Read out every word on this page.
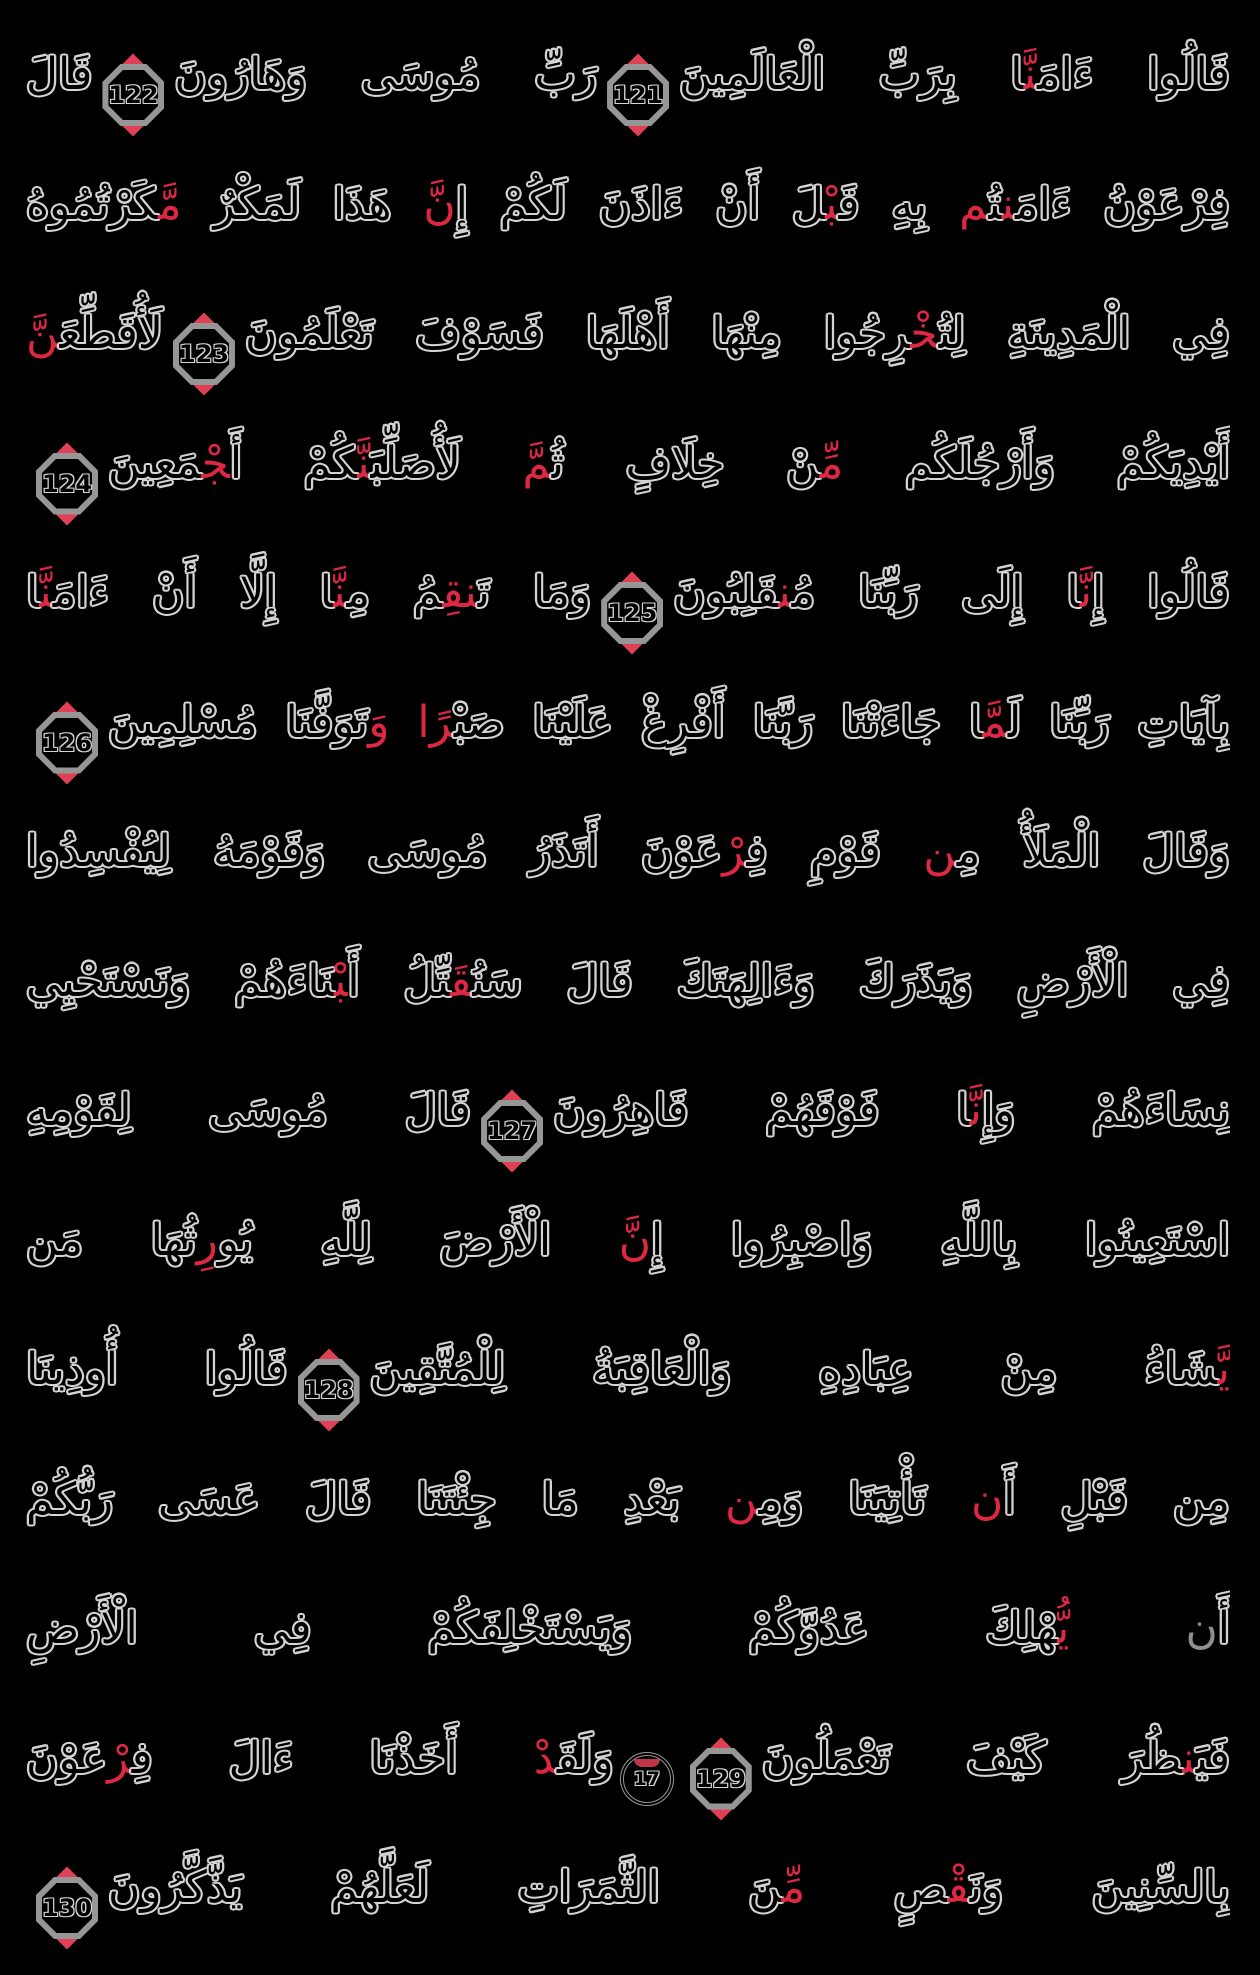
قَالُوا ءَامَ‍‍نَّ‍‍ا بِرَبِّ الْعَالَمِينَ
121
رَبِّ مُوسَى وَهَارُونَ
122
قَالَ
فِرْعَوْنُ ءَامَ‍‍ن‍‍تُ‍‍م بِهِ قَ‍‍بْ‍‍لَ أَنْ ءَاذَنَ لَكُمْ إِنَّ هَذَا لَمَكْرٌ مَّ‍‍كَرْتُمُوهُ
فِي الْمَدِينَةِ لِتُ‍‍خْ‍‍رِجُوا مِنْهَا أَهْلَهَا فَسَوْفَ تَعْلَمُونَ
123
لَأُقَطِّعَ‍‍نَّ
أَيْدِيَكُمْ وَأَرْجُلَكُم مِّ‍‍نْ خِلَافٍ ثُ‍‍مَّ لَأُصَلِّبَ‍‍نَّ‍‍كُمْ أَ‍‍جْ‍‍مَعِينَ
124
قَالُوا إِنَّ‍‍ا إِلَى رَبِّنَا مُ‍‍ن‍‍قَلِبُونَ
125
وَمَا تَ‍‍نقِ‍‍مُ مِ‍‍نَّ‍‍ا إِلَّا أَنْ ءَامَ‍‍نَّ‍‍ا
بِآيَاتِ رَبِّنَا لَ‍‍مَّ‍‍ا جَاءَتْنَا رَبَّنَا أَفْرِغْ عَلَيْنَا صَبْ‍‍رًا وَتَوَفَّنَا مُسْلِمِينَ
126
وَقَالَ الْمَلَأُ مِ‍‍ن قَوْمِ فِ‍‍رْعَوْنَ أَتَذَرُ مُوسَى وَقَوْمَهُ لِيُفْسِدُوا
فِي الْأَرْضِ وَيَذَرَكَ وَءَالِهَتَكَ قَالَ سَنُ‍‍قَ‍‍تِّلُ أَ‍‍بْ‍‍نَاءَهُمْ وَنَسْتَحْيِي
نِسَاءَهُمْ وَإِنَّ‍‍ا فَوْقَهُمْ قَاهِرُونَ
127
قَالَ مُوسَى لِقَوْمِهِ
اسْتَعِينُوا بِاللَّهِ وَاصْبِرُوا إِنَّ الْأَرْضَ لِلَّهِ يُورِثُهَا مَن
يَّ‍‍شَاءُ مِنْ عِبَادِهِ وَالْعَاقِبَةُ لِلْمُتَّقِينَ
128
قَالُوا أُوذِينَا
مِن قَبْلِ أَن تَأْتِيَنَا وَمِ‍‍ن بَعْدِ مَا جِئْتَنَا قَالَ عَسَى رَبُّكُمْ
أَن يُّ‍‍هْلِكَ عَدُوَّكُمْ وَيَسْتَخْلِفَكُمْ فِي الْأَرْضِ
فَيَ‍‍ن‍‍ظُرَ كَيْفَ تَعْمَلُونَ
129
17
وَلَقَ‍‍دْ أَخَذْنَا ءَالَ فِ‍‍رْعَوْنَ
بِالسِّنِينَ وَنَ‍‍قْ‍‍صٍ مِّ‍‍نَ الثَّمَرَاتِ لَعَلَّهُمْ يَذَّكَّرُونَ
130
